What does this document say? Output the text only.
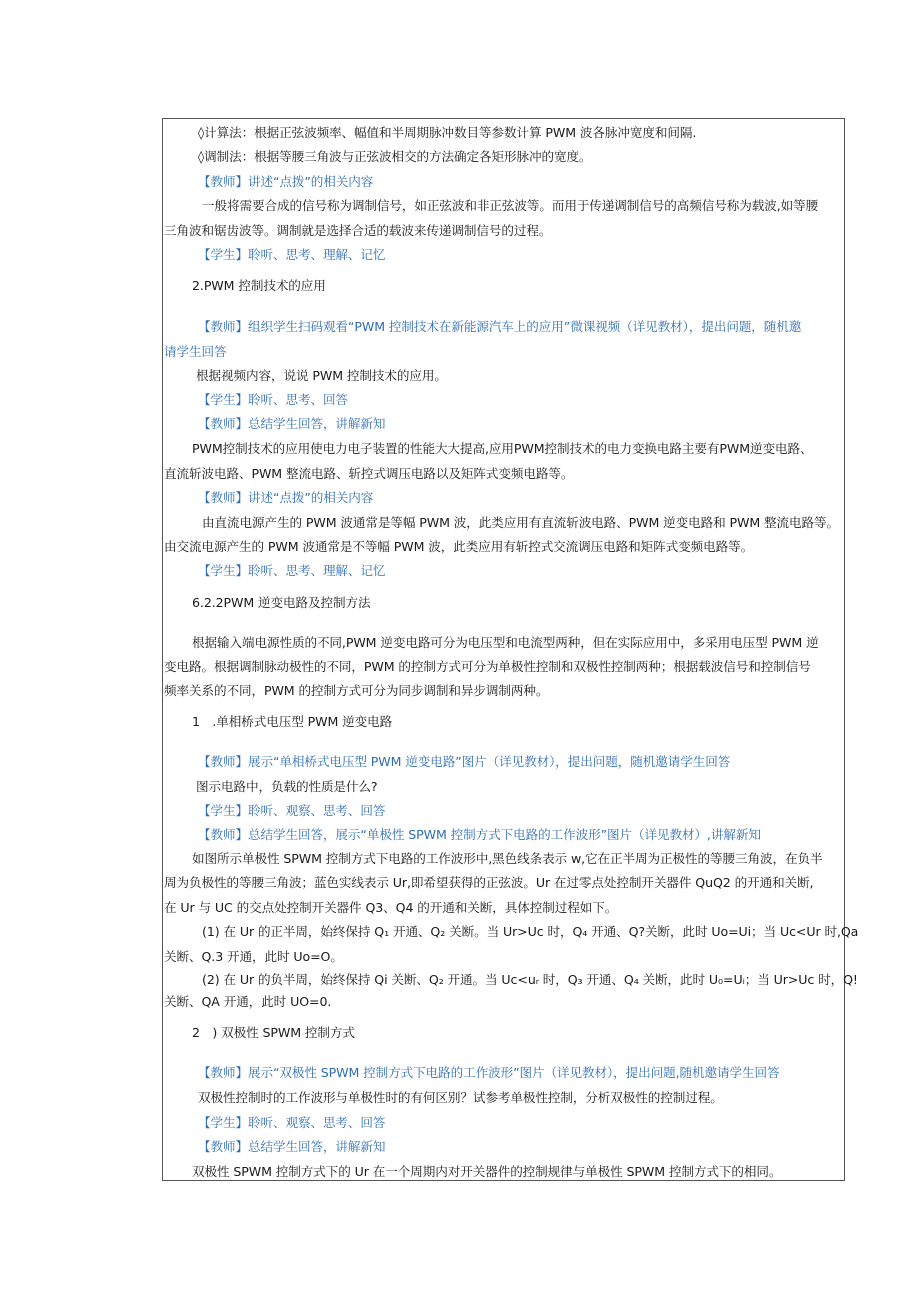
◊计算法：根据正弦波频率、幅值和半周期脉冲数目等参数计算 PWM 波各脉冲宽度和间隔.
◊调制法：根据等腰三角波与正弦波相交的方法确定各矩形脉冲的宽度。
【教师】讲述“点拨”的相关内容
一般将需要合成的信号称为调制信号，如正弦波和非正弦波等。而用于传递调制信号的高频信号称为载波,如等腰
三角波和锯齿波等。调制就是选择合适的载波来传递调制信号的过程。
【学生】聆听、思考、理解、记忆
2.PWM 控制技术的应用
【教师】组织学生扫码观看“PWM 控制技术在新能源汽车上的应用”微课视频（详见教材），提出问题，随机邀
请学生回答
根据视频内容，说说 PWM 控制技术的应用。
【学生】聆听、思考、回答
【教师】总结学生回答，讲解新知
PWM控制技术的应用使电力电子装置的性能大大提高,应用PWM控制技术的电力变换电路主要有PWM逆变电路、
直流斩波电路、PWM 整流电路、斩控式调压电路以及矩阵式变频电路等。
【教师】讲述“点拨”的相关内容
由直流电源产生的 PWM 波通常是等幅 PWM 波，此类应用有直流斩波电路、PWM 逆变电路和 PWM 整流电路等。
由交流电源产生的 PWM 波通常是不等幅 PWM 波，此类应用有斩控式交流调压电路和矩阵式变频电路等。
【学生】聆听、思考、理解、记忆
6.2.2PWM 逆变电路及控制方法
根据输入端电源性质的不同,PWM 逆变电路可分为电压型和电流型两种，但在实际应用中，多采用电压型 PWM 逆
变电路。根据调制脉动极性的不同，PWM 的控制方式可分为单极性控制和双极性控制两种；根据载波信号和控制信号
频率关系的不同，PWM 的控制方式可分为同步调制和异步调制两种。
1　.单相桥式电压型 PWM 逆变电路
【教师】展示“单相桥式电压型 PWM 逆变电路”图片（详见教材），提出问题，随机邀请学生回答
图示电路中，负载的性质是什么?
【学生】聆听、观察、思考、回答
【教师】总结学生回答，展示“单极性 SPWM 控制方式下电路的工作波形”图片（详见教材）,讲解新知
如图所示单极性 SPWM 控制方式下电路的工作波形中,黑色线条表示 w,它在正半周为正极性的等腰三角波，在负半
周为负极性的等腰三角波；蓝色实线表示 Ur,即希望获得的正弦波。Ur 在过零点处控制开关器件 QuQ2 的开通和关断,
在 Ur 与 UC 的交点处控制开关器件 Q3、Q4 的开通和关断，具体控制过程如下。
(1) 在 Ur 的正半周，始终保持 Q₁ 开通、Q₂ 关断。当 Ur>Uc 时，Q₄ 开通、Q?关断，此时 Uo=Ui；当 Uc<Ur 时,Qa
关断、Q.3 开通，此时 Uo=O。
(2) 在 Ur 的负半周，始终保持 Qi 关断、Q₂ 开通。当 Uc<uᵣ 时，Q₃ 开通、Q₄ 关断，此时 U₀=Uᵢ；当 Ur>Uc 时，Q!
关断、QA 开通，此时 UO=0.
2　) 双极性 SPWM 控制方式
【教师】展示“双极性 SPWM 控制方式下电路的工作波形”图片（详见教材），提出问题,随机邀请学生回答
双极性控制时的工作波形与单极性时的有何区别？试参考单极性控制，分析双极性的控制过程。
【学生】聆听、观察、思考、回答
【教师】总结学生回答，讲解新知
双极性 SPWM 控制方式下的 Ur 在一个周期内对开关器件的控制规律与单极性 SPWM 控制方式下的相同。
